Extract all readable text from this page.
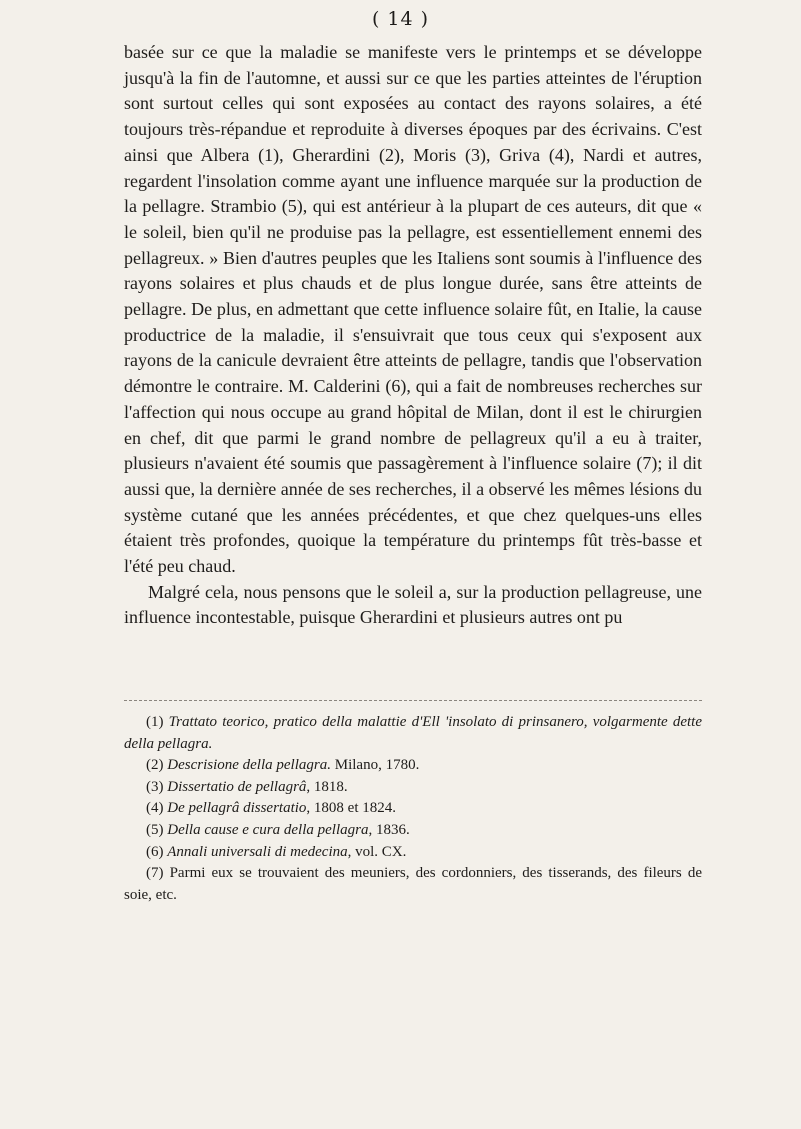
( 14 )

basée sur ce que la maladie se manifeste vers le printemps et se développe jusqu'à la fin de l'automne, et aussi sur ce que les parties atteintes de l'éruption sont surtout celles qui sont exposées au contact des rayons solaires, a été toujours très-répandue et reproduite à diverses époques par des écrivains. C'est ainsi que Albera (1), Gherardini (2), Moris (3), Griva (4), Nardi et autres, regardent l'insolation comme ayant une influence marquée sur la production de la pellagre. Strambio (5), qui est antérieur à la plupart de ces auteurs, dit que « le soleil, bien qu'il ne produise pas la pellagre, est essentiellement ennemi des pellagreux. » Bien d'autres peuples que les Italiens sont soumis à l'influence des rayons solaires et plus chauds et de plus longue durée, sans être atteints de pellagre. De plus, en admettant que cette influence solaire fût, en Italie, la cause productrice de la maladie, il s'ensuivrait que tous ceux qui s'exposent aux rayons de la canicule devraient être atteints de pellagre, tandis que l'observation démontre le contraire. M. Calderini (6), qui a fait de nombreuses recherches sur l'affection qui nous occupe au grand hôpital de Milan, dont il est le chirurgien en chef, dit que parmi le grand nombre de pellagreux qu'il a eu à traiter, plusieurs n'avaient été soumis que passagèrement à l'influence solaire (7); il dit aussi que, la dernière année de ses recherches, il a observé les mêmes lésions du système cutané que les années précédentes, et que chez quelques-uns elles étaient très profondes, quoique la température du printemps fût très-basse et l'été peu chaud.

Malgré cela, nous pensons que le soleil a, sur la production pellagreuse, une influence incontestable, puisque Gherardini et plusieurs autres ont pu

(1) Trattato teorico, pratico della malattie d'Ell 'insolato di prinsanero, volgarmente dette della pellagra.

(2) Descrisione della pellagra. Milano, 1780.

(3) Dissertatio de pellagrâ, 1818.

(4) De pellagrâ dissertatio, 1808 et 1824.

(5) Della cause e cura della pellagra, 1836.

(6) Annali universali di medecina, vol. CX.

(7) Parmi eux se trouvaient des meuniers, des cordonniers, des tisserands, des fileurs de soie, etc.
